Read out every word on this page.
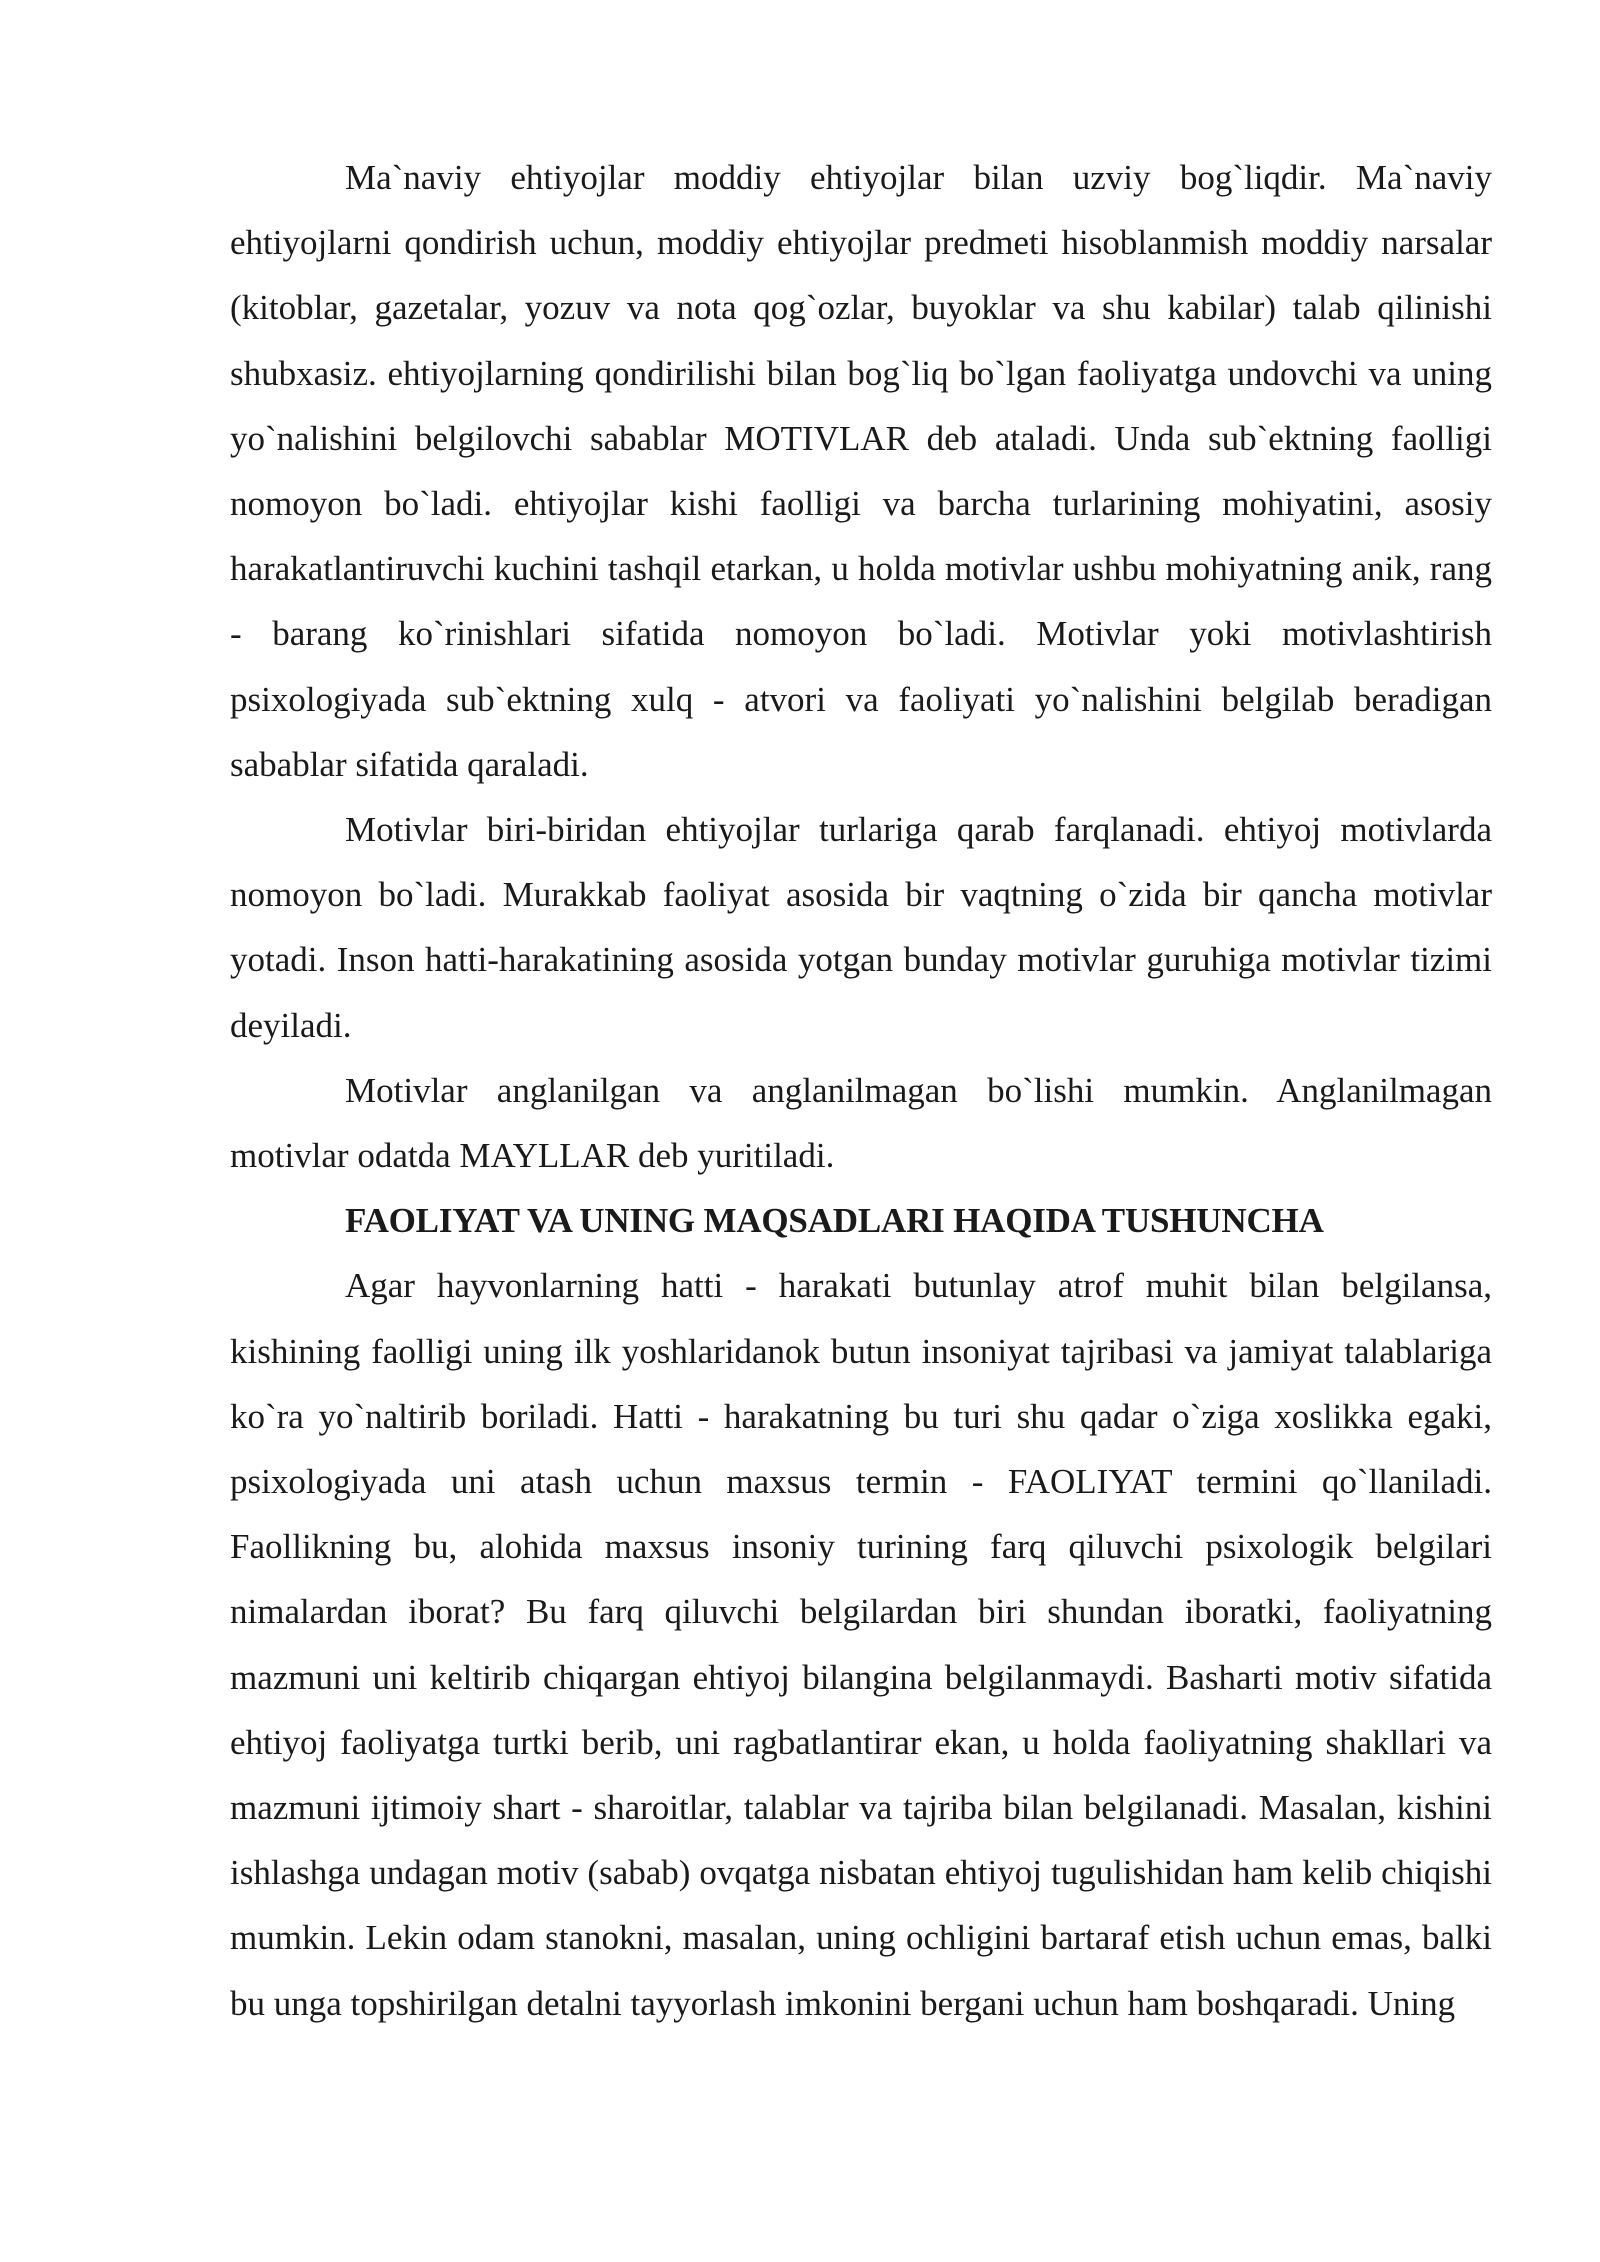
Ma`naviy ehtiyojlar moddiy ehtiyojlar bilan uzviy bog`liqdir. Ma`naviy ehtiyojlarni qondirish uchun, moddiy ehtiyojlar predmeti hisoblanmish moddiy narsalar (kitoblar, gazetalar, yozuv va nota qog`ozlar, buyoklar va shu kabilar) talab qilinishi shubxasiz. ehtiyojlarning qondirilishi bilan bog`liq bo`lgan faoliyatga undovchi va uning yo`nalishini belgilovchi sabablar MOTIVLAR deb ataladi. Unda sub`ektning faolligi nomoyon bo`ladi. ehtiyojlar kishi faolligi va barcha turlarining mohiyatini, asosiy harakatlantiruvchi kuchini tashqil etarkan, u holda motivlar ushbu mohiyatning anik, rang - barang ko`rinishlari sifatida nomoyon bo`ladi. Motivlar yoki motivlashtirish psixologiyada sub`ektning xulq - atvori va faoliyati yo`nalishini belgilab beradigan sabablar sifatida qaraladi.

Motivlar biri-biridan ehtiyojlar turlariga qarab farqlanadi. ehtiyoj motivlarda nomoyon bo`ladi. Murakkab faoliyat asosida bir vaqtning o`zida bir qancha motivlar yotadi. Inson hatti-harakatining asosida yotgan bunday motivlar guruhiga motivlar tizimi deyiladi.

Motivlar anglanilgan va anglanilmagan bo`lishi mumkin. Anglanilmagan motivlar odatda MAYLLAR deb yuritiladi.

FAOLIYAT VA UNING MAQSADLARI HAQIDA TUSHUNCHA

Agar hayvonlarning hatti - harakati butunlay atrof muhit bilan belgilansa, kishining faolligi uning ilk yoshlaridanok butun insoniyat tajribasi va jamiyat talablariga ko`ra yo`naltirib boriladi. Hatti - harakatning bu turi shu qadar o`ziga xoslikka egaki, psixologiyada uni atash uchun maxsus termin - FAOLIYAT termini qo`llaniladi. Faollikning bu, alohida maxsus insoniy turining farq qiluvchi psixologik belgilari nimalardan iborat? Bu farq qiluvchi belgilardan biri shundan iboratki, faoliyatning mazmuni uni keltirib chiqargan ehtiyoj bilangina belgilanmaydi. Basharti motiv sifatida ehtiyoj faoliyatga turtki berib, uni ragbatlantirar ekan, u holda faoliyatning shakllari va mazmuni ijtimoiy shart - sharoitlar, talablar va tajriba bilan belgilanadi. Masalan, kishini ishlashga undagan motiv (sabab) ovqatga nisbatan ehtiyoj tugulishidan ham kelib chiqishi mumkin. Lekin odam stanokni, masalan, uning ochligini bartaraf etish uchun emas, balki bu unga topshirilgan detalni tayyorlash imkonini bergani uchun ham boshqaradi. Uning
